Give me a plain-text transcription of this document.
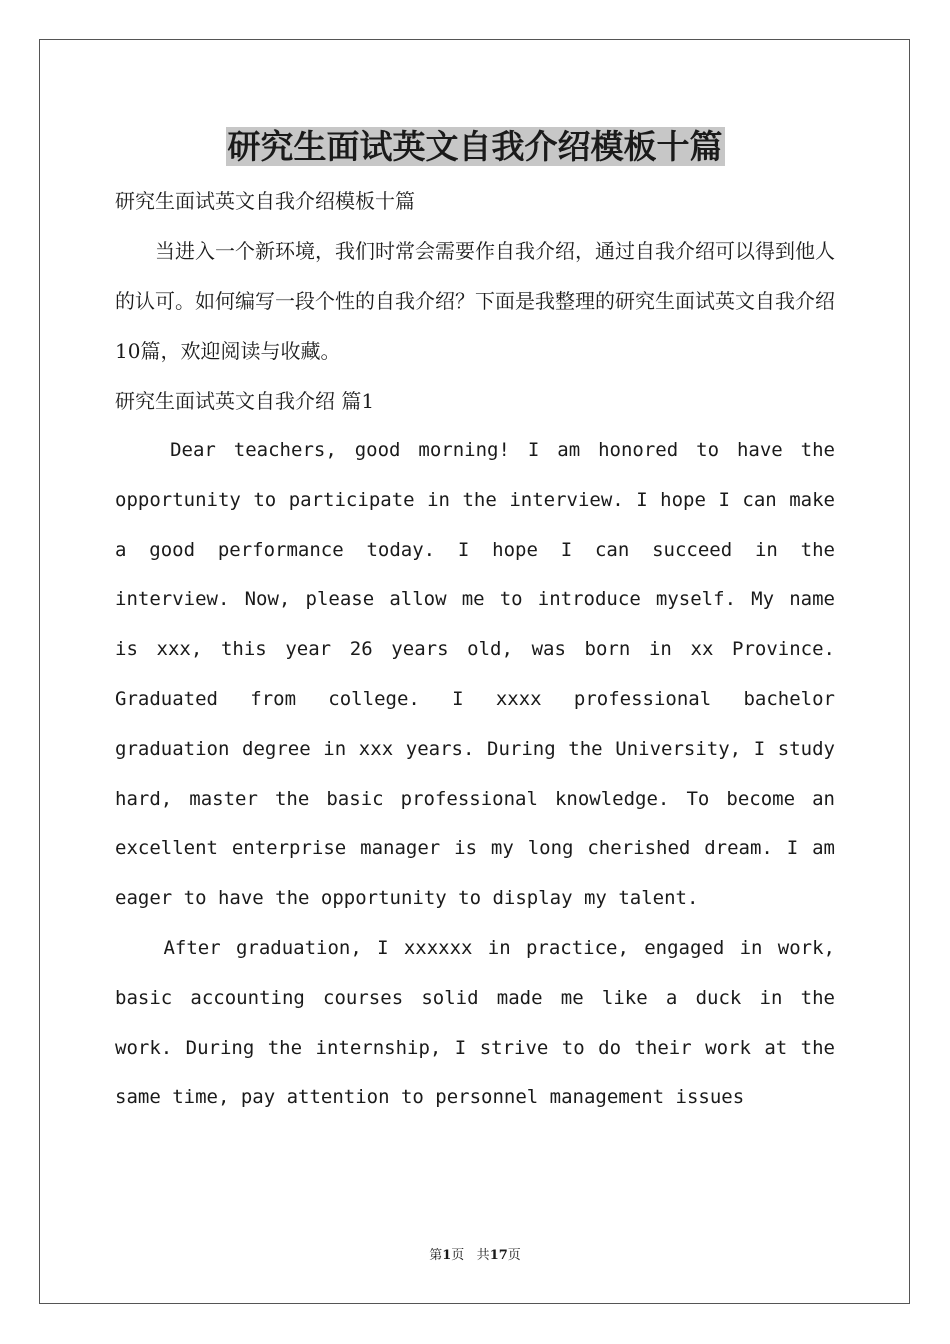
研究生面试英文自我介绍模板十篇
研究生面试英文自我介绍模板十篇

当进入一个新环境，我们时常会需要作自我介绍，通过自我介绍可以得到他人的认可。如何编写一段个性的自我介绍？下面是我整理的研究生面试英文自我介绍10篇，欢迎阅读与收藏。

研究生面试英文自我介绍 篇1

Dear teachers, good morning! I am honored to have the opportunity to participate in the interview. I hope I can make a good performance today. I hope I can succeed in the interview. Now, please allow me to introduce myself. My name is xxx, this year 26 years old, was born in xx Province. Graduated from college. I xxxx professional bachelor graduation degree in xxx years. During the University, I study hard, master the basic professional knowledge. To become an excellent enterprise manager is my long cherished dream. I am eager to have the opportunity to display my talent.

After graduation, I xxxxxx in practice, engaged in work, basic accounting courses solid made me like a duck in the work. During the internship, I strive to do their work at the same time, pay attention to personnel management issues

第1页 共17页
